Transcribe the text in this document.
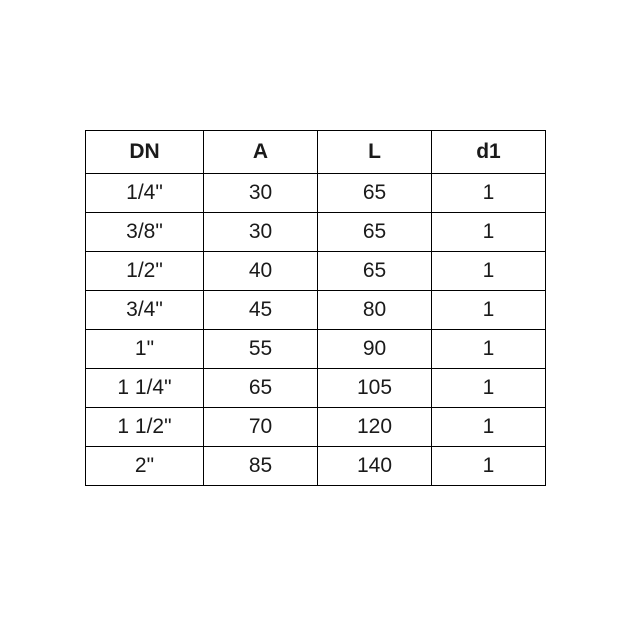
DN	A	L	d1
1/4"	30	65	1
3/8"	30	65	1
1/2"	40	65	1
3/4"	45	80	1
1"	55	90	1
1 1/4"	65	105	1
1 1/2"	70	120	1
2"	85	140	1
